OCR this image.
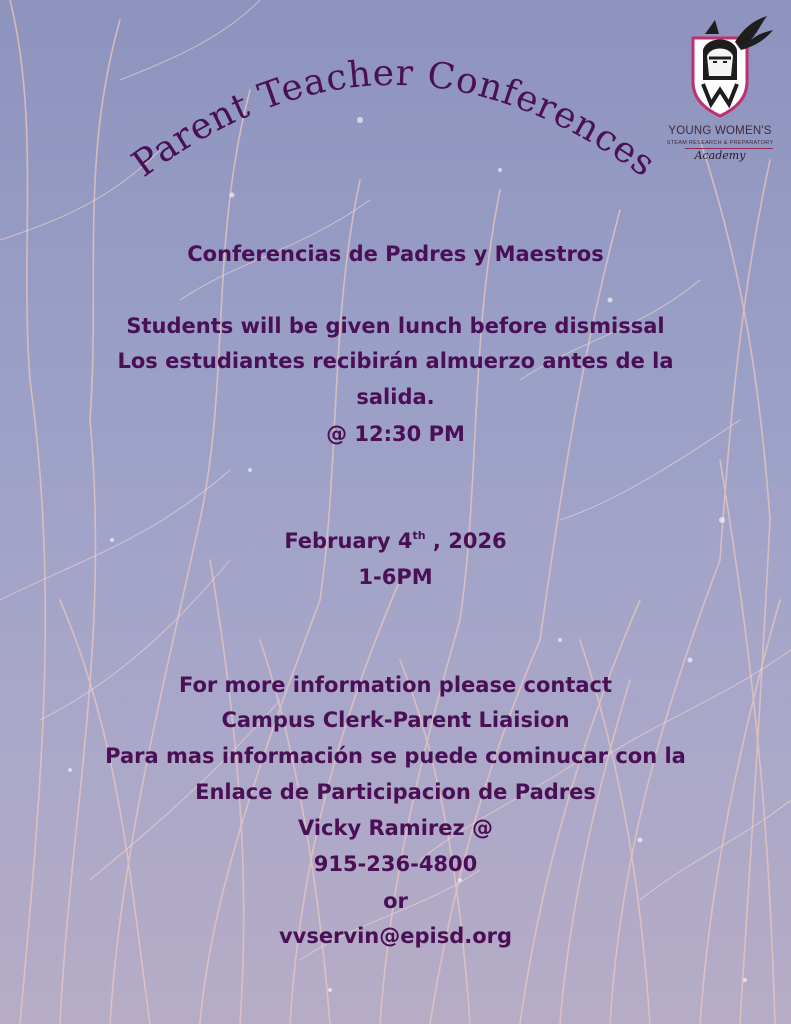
Parent Teacher Conferences
YOUNG WOMEN'S
STEAM RESEARCH & PREPARATORY
Academy
Conferencias de Padres y Maestros
Students will be given lunch before dismissal
Los estudiantes recibirán almuerzo antes de la
salida.
@ 12:30 PM
February 4th , 2026
1-6PM
For more information please contact
Campus Clerk-Parent Liaision
Para mas información se puede cominucar con la
Enlace de Participacion de Padres
Vicky Ramirez @
915-236-4800
or
vvservin@episd.org
